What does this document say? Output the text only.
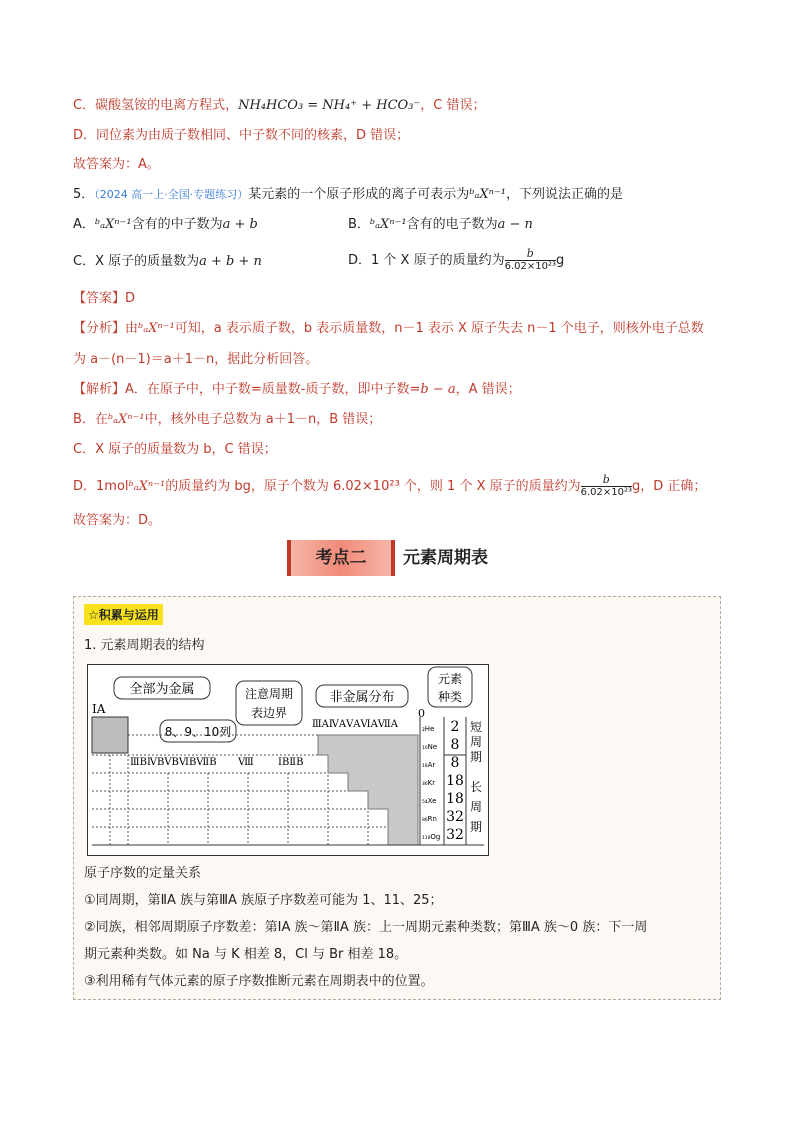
C．碳酸氢铵的电离方程式，NH₄HCO₃ = NH₄⁺ + HCO₃⁻，C 错误；
D．同位素为由质子数相同、中子数不同的核素，D 错误；
故答案为：A。
5．（2024 高一上·全国·专题练习）某元素的一个原子形成的离子可表示为ᵇₐXⁿ⁻¹，下列说法正确的是
A．ᵇₐXⁿ⁻¹含有的中子数为a + b	B．ᵇₐXⁿ⁻¹含有的电子数为a − n
C．X 原子的质量数为a + b + n	D．1 个 X 原子的质量约为 $\frac{b}{\text{6.02×10²³}}$ g
【答案】D
【分析】由ᵇₐXⁿ⁻¹可知，a 表示质子数，b 表示质量数，n－1 表示 X 原子失去 n－1 个电子，则核外电子总数
为 a－(n－1)＝a＋1－n，据此分析回答。
【解析】A．在原子中，中子数=质量数-质子数，即中子数=b − a，A 错误；
B．在ᵇₐXⁿ⁻¹中，核外电子总数为 a＋1－n，B 错误；
C．X 原子的质量数为 b，C 错误；
D．1molᵇₐXⁿ⁻¹的质量约为 bg，原子个数为 6.02×10²³ 个，则 1 个 X 原子的质量约为 $\frac{b}{\text{6.02×10²³}}$ g，D 正确；
故答案为：D。
考点二	元素周期表
☆积累与运用
1. 元素周期表的结构
全部为金属	注意周期
表边界
8、9、10列
非金属分布
元素
种类
ⅠA
ⅢBⅣBⅤBⅥBⅦB Ⅷ ⅠBⅡB
ⅢAⅣAⅤAⅥAⅦA
0
₂He
₁₀Ne
₁₈Ar
₃₆Kr
₅₄Xe
₈₆Rn
₁₁₈Og
2
8
8
18
18
32
32
短
周
期
长
周
期
原子序数的定量关系
①同周期，第ⅡA 族与第ⅢA 族原子序数差可能为 1、11、25；
②同族，相邻周期原子序数差：第ⅠA 族～第ⅡA 族：上一周期元素种类数；第ⅢA 族～0 族：下一周
期元素种类数。如 Na 与 K 相差 8，Cl 与 Br 相差 18。
③利用稀有气体元素的原子序数推断元素在周期表中的位置。
